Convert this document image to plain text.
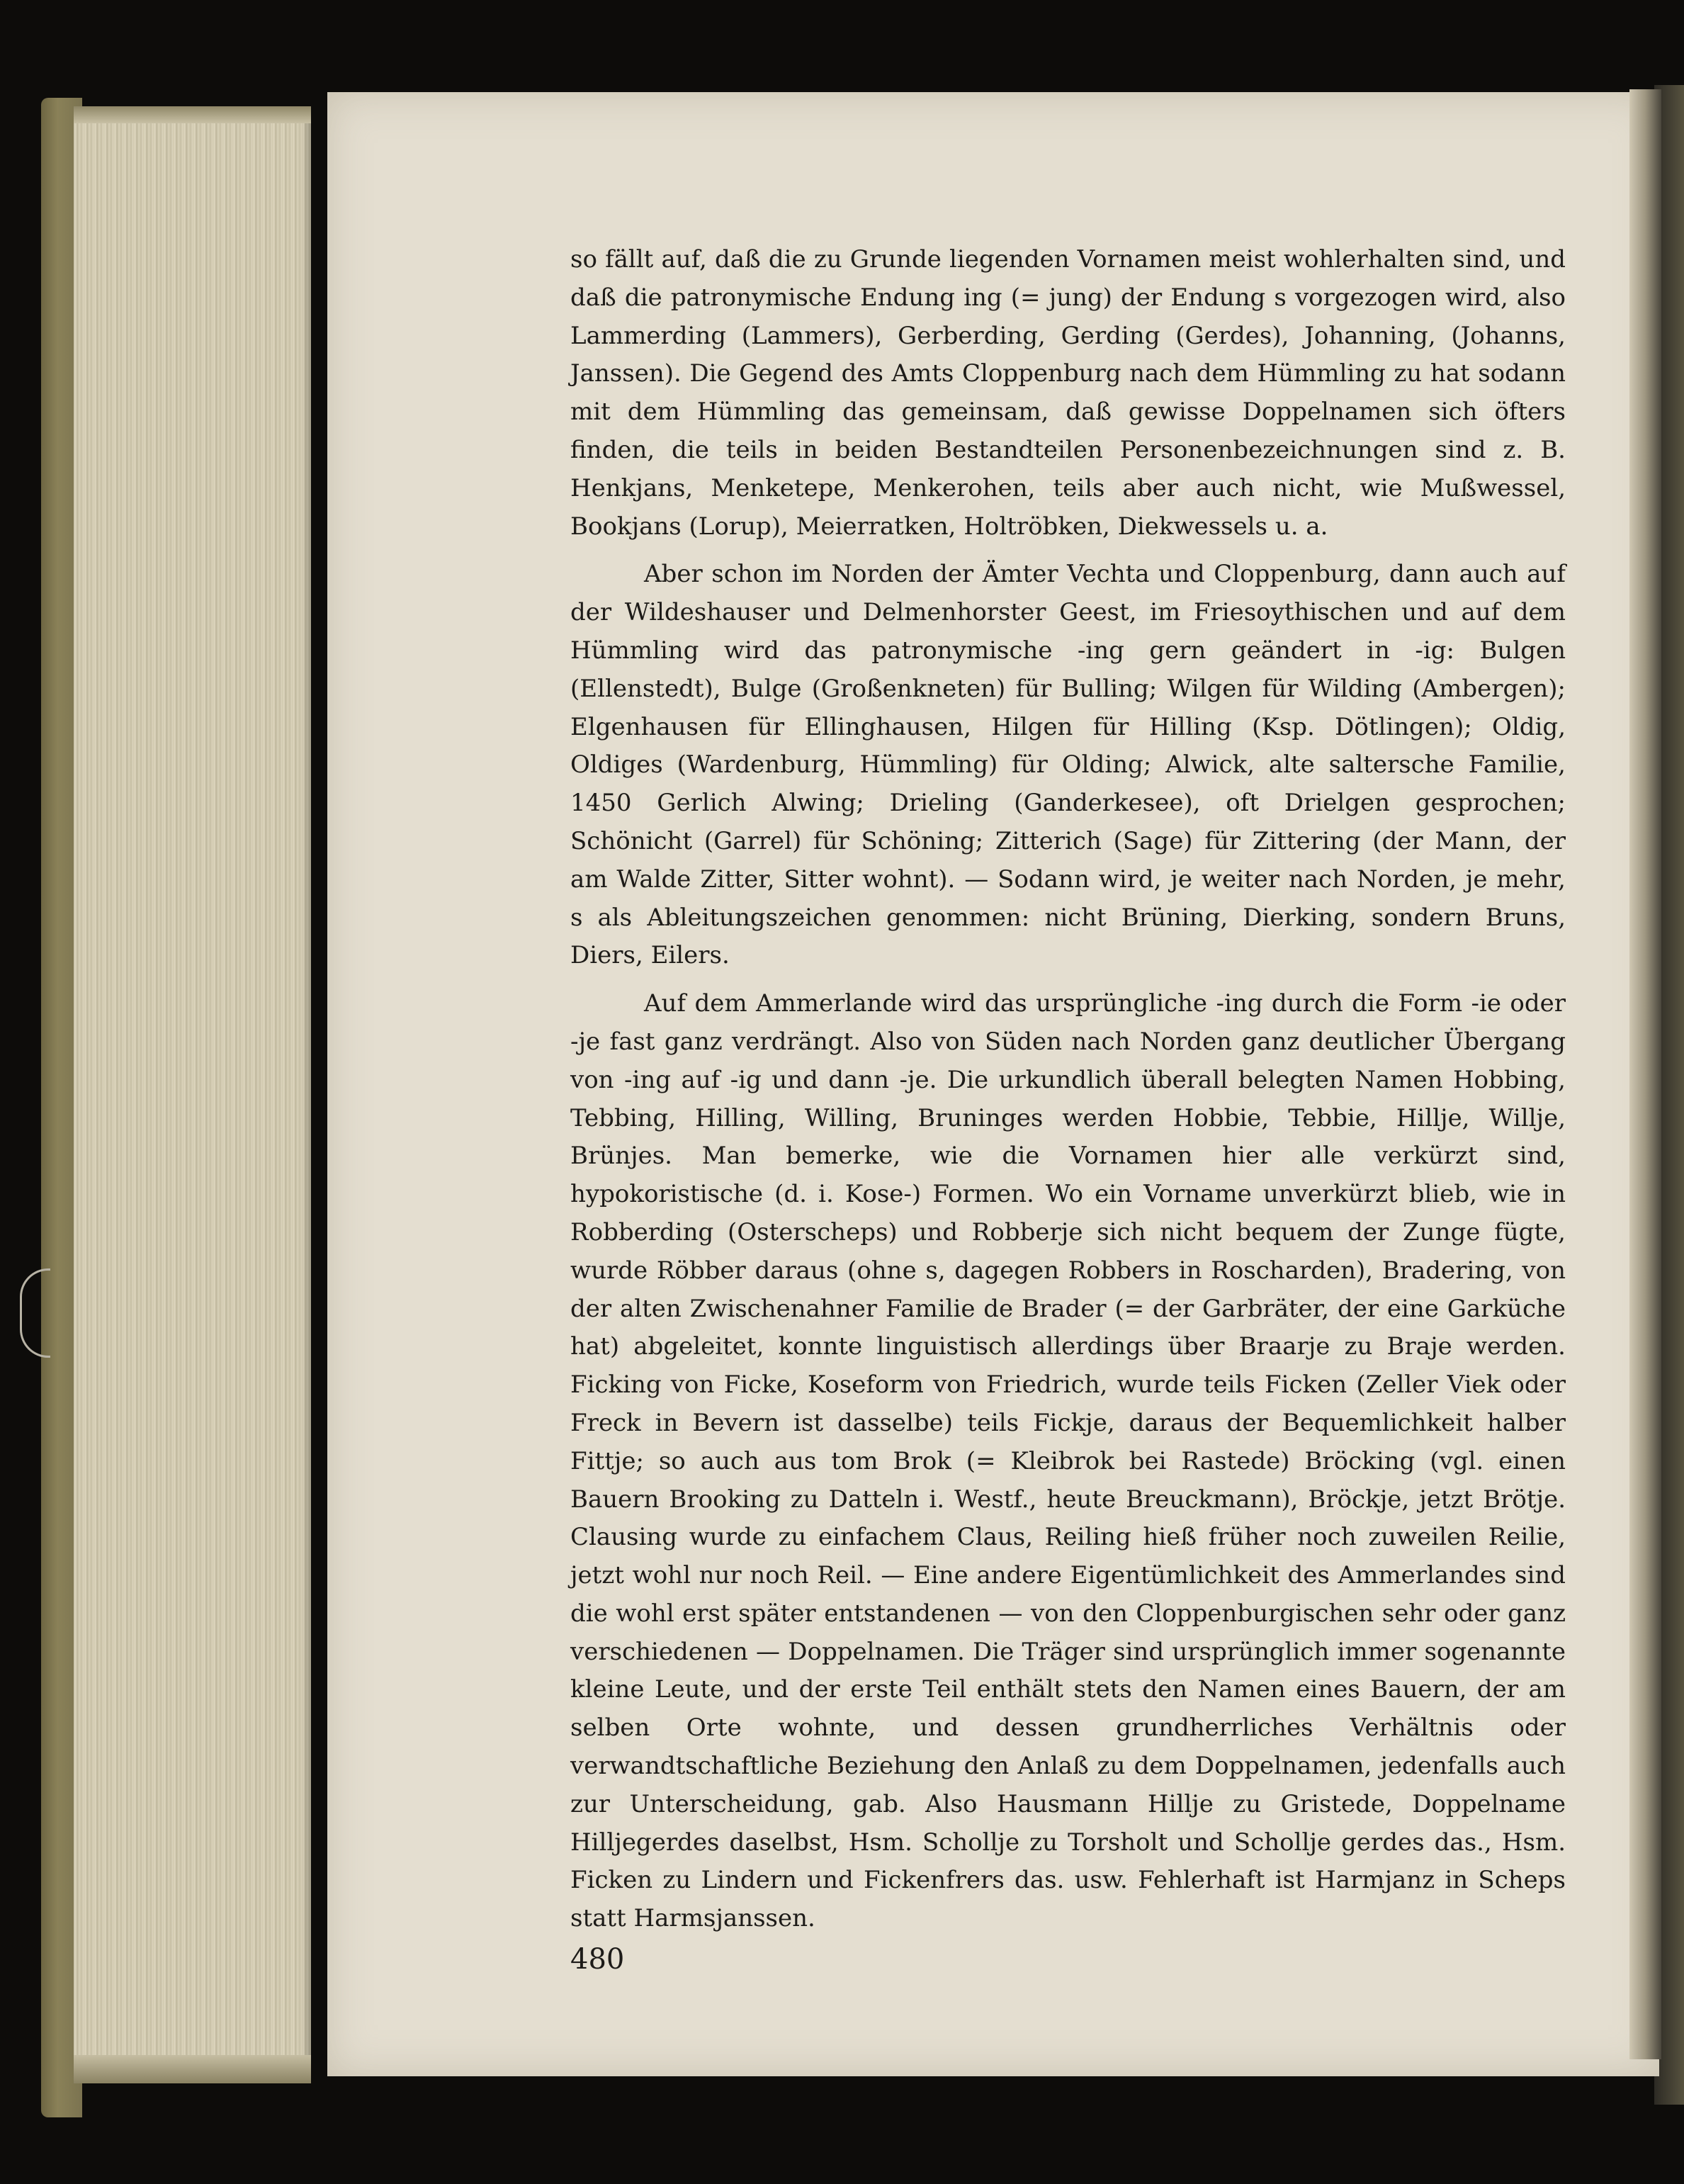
so fällt auf, daß die zu Grunde liegenden Vornamen meist wohlerhalten sind, und daß die patronymische Endung ing (= jung) der Endung s vorgezogen wird, also Lammerding (Lammers), Gerberding, Gerding (Gerdes), Johanning, (Johanns, Janssen). Die Gegend des Amts Cloppenburg nach dem Hümmling zu hat sodann mit dem Hümmling das gemeinsam, daß gewisse Doppelnamen sich öfters finden, die teils in beiden Bestandteilen Personenbezeichnungen sind z. B. Henkjans, Menketepe, Menkerohen, teils aber auch nicht, wie Mußwessel, Bookjans (Lorup), Meierratken, Holtröbken, Diekwessels u. a.

Aber schon im Norden der Ämter Vechta und Cloppenburg, dann auch auf der Wildeshauser und Delmenhorster Geest, im Friesoythischen und auf dem Hümmling wird das patronymische -ing gern geändert in -ig: Bulgen (Ellenstedt), Bulge (Großenkneten) für Bulling; Wilgen für Wilding (Ambergen); Elgenhausen für Ellinghausen, Hilgen für Hilling (Ksp. Dötlingen); Oldig, Oldiges (Wardenburg, Hümmling) für Olding; Alwick, alte saltersche Familie, 1450 Gerlich Alwing; Drieling (Ganderkesee), oft Drielgen gesprochen; Schönicht (Garrel) für Schöning; Zitterich (Sage) für Zittering (der Mann, der am Walde Zitter, Sitter wohnt). — Sodann wird, je weiter nach Norden, je mehr, s als Ableitungszeichen genommen: nicht Brüning, Dierking, sondern Bruns, Diers, Eilers.

Auf dem Ammerlande wird das ursprüngliche -ing durch die Form -ie oder -je fast ganz verdrängt. Also von Süden nach Norden ganz deutlicher Übergang von -ing auf -ig und dann -je. Die urkundlich überall belegten Namen Hobbing, Tebbing, Hilling, Willing, Bruninges werden Hobbie, Tebbie, Hillje, Willje, Brünjes. Man bemerke, wie die Vornamen hier alle verkürzt sind, hypokoristische (d. i. Kose-) Formen. Wo ein Vorname unverkürzt blieb, wie in Robberding (Osterscheps) und Robberje sich nicht bequem der Zunge fügte, wurde Röbber daraus (ohne s, dagegen Robbers in Roscharden), Bradering, von der alten Zwischenahner Familie de Brader (= der Garbräter, der eine Garküche hat) abgeleitet, konnte linguistisch allerdings über Braarje zu Braje werden. Ficking von Ficke, Koseform von Friedrich, wurde teils Ficken (Zeller Viek oder Freck in Bevern ist dasselbe) teils Fickje, daraus der Bequemlichkeit halber Fittje; so auch aus tom Brok (= Kleibrok bei Rastede) Bröcking (vgl. einen Bauern Brooking zu Datteln i. Westf., heute Breuckmann), Bröckje, jetzt Brötje. Clausing wurde zu einfachem Claus, Reiling hieß früher noch zuweilen Reilie, jetzt wohl nur noch Reil. — Eine andere Eigentümlichkeit des Ammerlandes sind die wohl erst später entstandenen — von den Cloppenburgischen sehr oder ganz verschiedenen — Doppelnamen. Die Träger sind ursprünglich immer sogenannte kleine Leute, und der erste Teil enthält stets den Namen eines Bauern, der am selben Orte wohnte, und dessen grundherrliches Verhältnis oder verwandtschaftliche Beziehung den Anlaß zu dem Doppelnamen, jedenfalls auch zur Unterscheidung, gab. Also Hausmann Hillje zu Gristede, Doppelname Hilljegerdes daselbst, Hsm. Schollje zu Torsholt und Schollje gerdes das., Hsm. Ficken zu Lindern und Fickenfrers das. usw. Fehlerhaft ist Harmjanz in Scheps statt Harmsjanssen.

480
